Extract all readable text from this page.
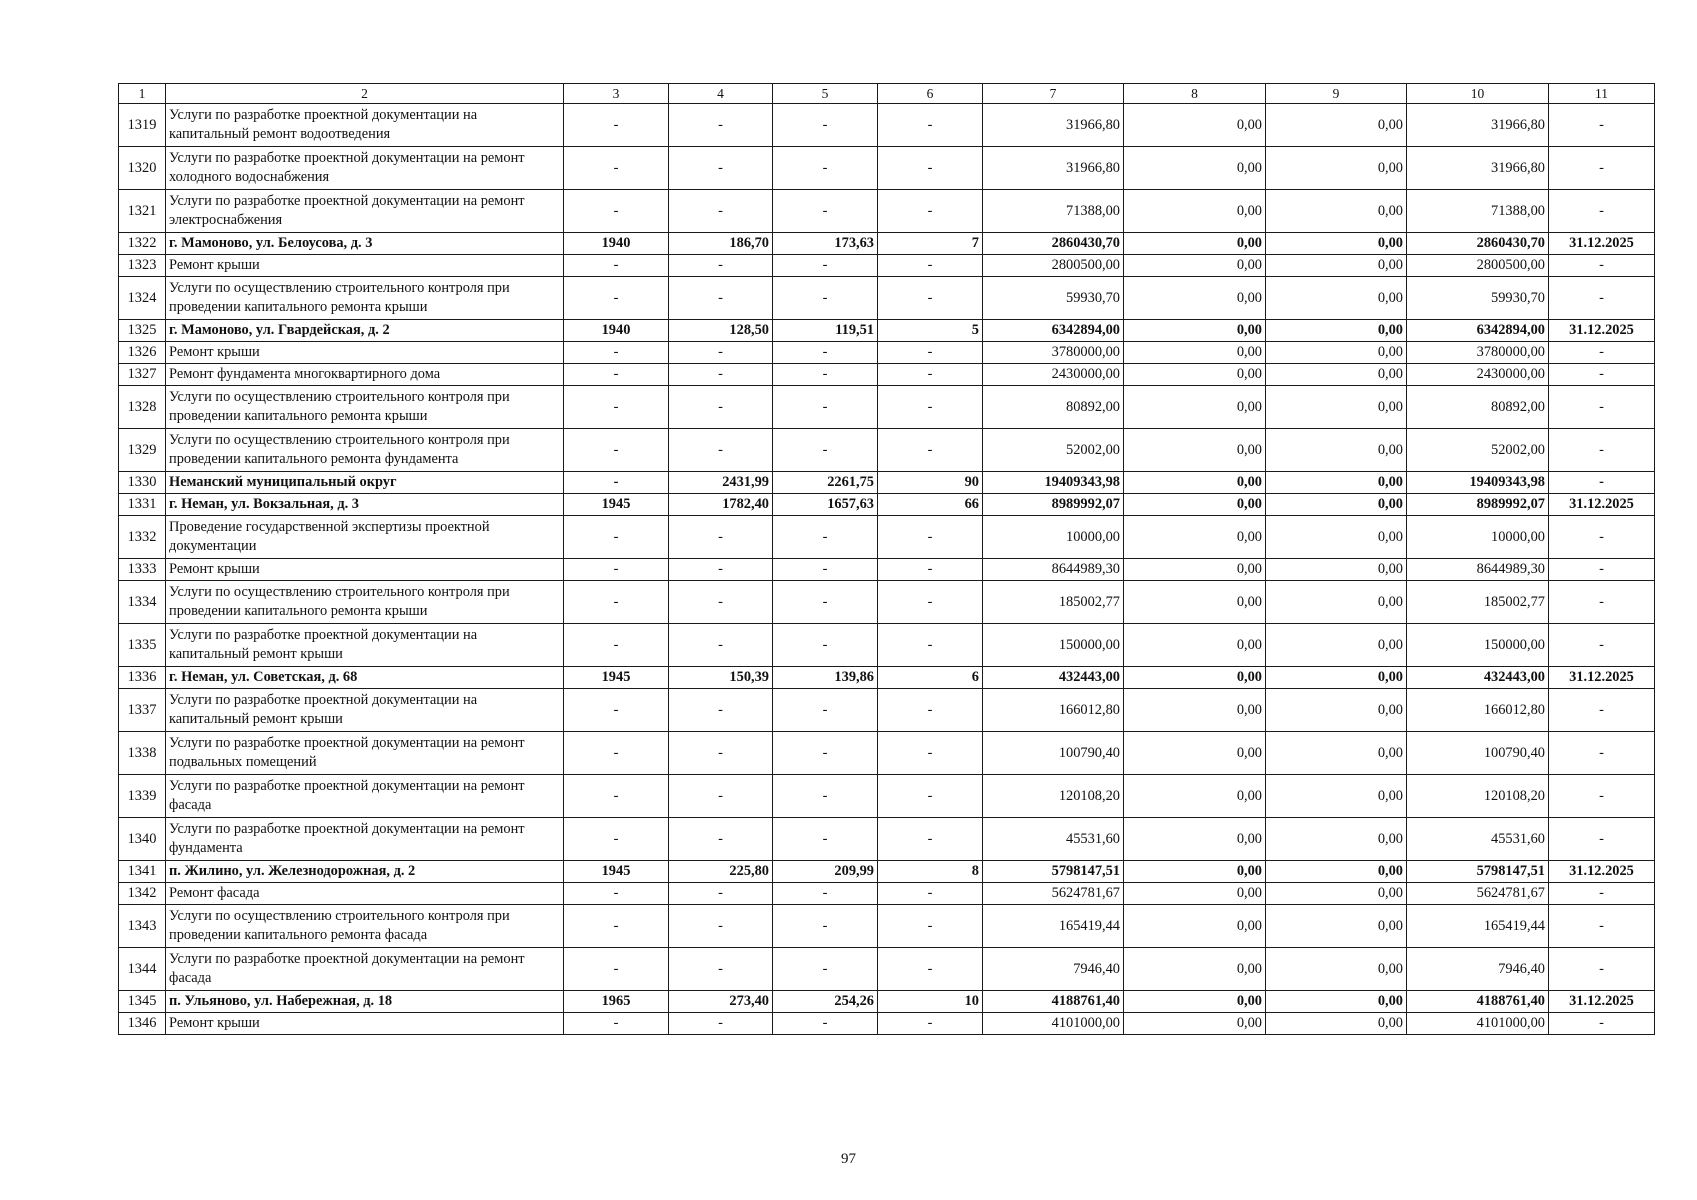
1	2	3	4	5	6	7	8	9	10	11
1319	Услуги по разработке проектной документации на капитальный ремонт водоотведения	-	-	-	-	31966,80	0,00	0,00	31966,80	-
1320	Услуги по разработке проектной документации на ремонт холодного водоснабжения	-	-	-	-	31966,80	0,00	0,00	31966,80	-
1321	Услуги по разработке проектной документации на ремонт электроснабжения	-	-	-	-	71388,00	0,00	0,00	71388,00	-
1322	г. Мамоново, ул. Белоусова, д. 3	1940	186,70	173,63	7	2860430,70	0,00	0,00	2860430,70	31.12.2025
1323	Ремонт крыши	-	-	-	-	2800500,00	0,00	0,00	2800500,00	-
1324	Услуги по осуществлению строительного контроля при проведении капитального ремонта крыши	-	-	-	-	59930,70	0,00	0,00	59930,70	-
1325	г. Мамоново, ул. Гвардейская, д. 2	1940	128,50	119,51	5	6342894,00	0,00	0,00	6342894,00	31.12.2025
1326	Ремонт крыши	-	-	-	-	3780000,00	0,00	0,00	3780000,00	-
1327	Ремонт фундамента многоквартирного дома	-	-	-	-	2430000,00	0,00	0,00	2430000,00	-
1328	Услуги по осуществлению строительного контроля при проведении капитального ремонта крыши	-	-	-	-	80892,00	0,00	0,00	80892,00	-
1329	Услуги по осуществлению строительного контроля при проведении капитального ремонта фундамента	-	-	-	-	52002,00	0,00	0,00	52002,00	-
1330	Неманский муниципальный округ	-	2431,99	2261,75	90	19409343,98	0,00	0,00	19409343,98	-
1331	г. Неман, ул. Вокзальная, д. 3	1945	1782,40	1657,63	66	8989992,07	0,00	0,00	8989992,07	31.12.2025
1332	Проведение государственной экспертизы проектной документации	-	-	-	-	10000,00	0,00	0,00	10000,00	-
1333	Ремонт крыши	-	-	-	-	8644989,30	0,00	0,00	8644989,30	-
1334	Услуги по осуществлению строительного контроля при проведении капитального ремонта крыши	-	-	-	-	185002,77	0,00	0,00	185002,77	-
1335	Услуги по разработке проектной документации на капитальный ремонт крыши	-	-	-	-	150000,00	0,00	0,00	150000,00	-
1336	г. Неман, ул. Советская, д. 68	1945	150,39	139,86	6	432443,00	0,00	0,00	432443,00	31.12.2025
1337	Услуги по разработке проектной документации на капитальный ремонт крыши	-	-	-	-	166012,80	0,00	0,00	166012,80	-
1338	Услуги по разработке проектной документации на ремонт подвальных помещений	-	-	-	-	100790,40	0,00	0,00	100790,40	-
1339	Услуги по разработке проектной документации на ремонт фасада	-	-	-	-	120108,20	0,00	0,00	120108,20	-
1340	Услуги по разработке проектной документации на ремонт фундамента	-	-	-	-	45531,60	0,00	0,00	45531,60	-
1341	п. Жилино, ул. Железнодорожная, д. 2	1945	225,80	209,99	8	5798147,51	0,00	0,00	5798147,51	31.12.2025
1342	Ремонт фасада	-	-	-	-	5624781,67	0,00	0,00	5624781,67	-
1343	Услуги по осуществлению строительного контроля при проведении капитального ремонта фасада	-	-	-	-	165419,44	0,00	0,00	165419,44	-
1344	Услуги по разработке проектной документации на ремонт фасада	-	-	-	-	7946,40	0,00	0,00	7946,40	-
1345	п. Ульяново, ул. Набережная, д. 18	1965	273,40	254,26	10	4188761,40	0,00	0,00	4188761,40	31.12.2025
1346	Ремонт крыши	-	-	-	-	4101000,00	0,00	0,00	4101000,00	-
97
